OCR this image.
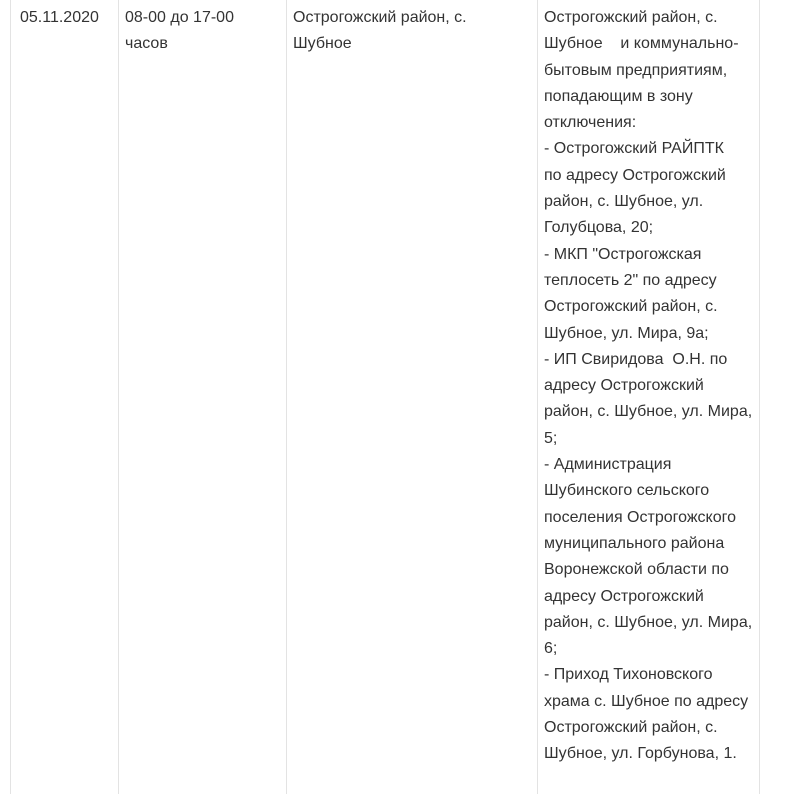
05.11.2020	08-00 до 17-00
часов
Острогожский район, с.
Шубное
Острогожский район, с.
Шубное    и коммунально-
бытовым предприятиям,
попадающим в зону
отключения:
- Острогожский РАЙПТК
по адресу Острогожский
район, с. Шубное, ул.
Голубцова, 20;
- МКП "Острогожская
теплосеть 2" по адресу
Острогожский район, с.
Шубное, ул. Мира, 9а;
- ИП Свиридова  О.Н. по
адресу Острогожский
район, с. Шубное, ул. Мира,
5;
- Администрация
Шубинского сельского
поселения Острогожского
муниципального района
Воронежской области по
адресу Острогожский
район, с. Шубное, ул. Мира,
6;
- Приход Тихоновского
храма с. Шубное по адресу
Острогожский район, с.
Шубное, ул. Горбунова, 1.
